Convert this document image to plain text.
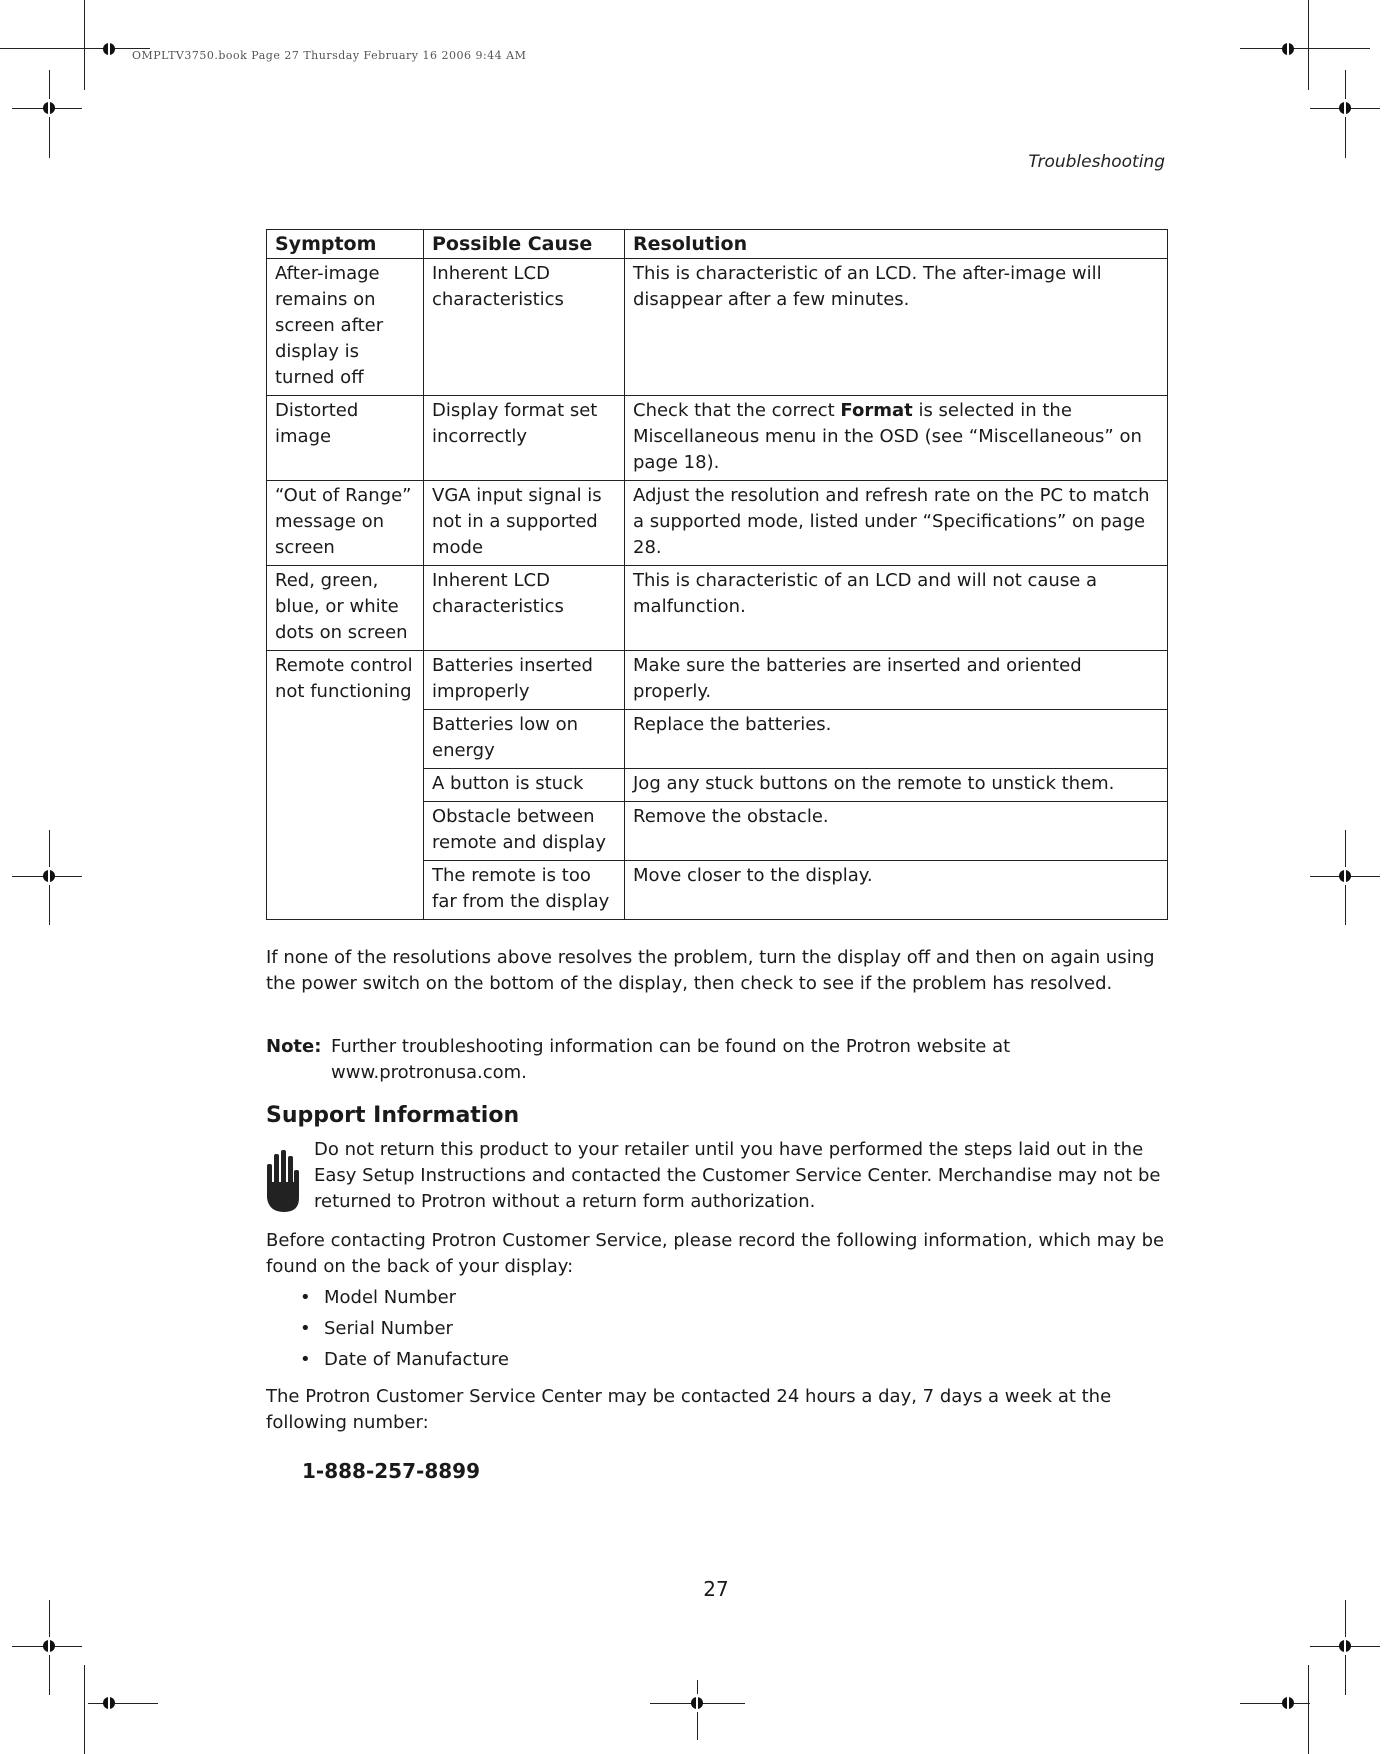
OMPLTV3750.book Page 27 Thursday February 16 2006 9:44 AM
Troubleshooting
Symptom	Possible Cause	Resolution
After-image remains on screen after display is turned off	Inherent LCD characteristics	This is characteristic of an LCD. The after-image will disappear after a few minutes.
Distorted image	Display format set incorrectly	Check that the correct Format is selected in the Miscellaneous menu in the OSD (see “Miscellaneous” on page 18).
“Out of Range” message on screen	VGA input signal is not in a supported mode	Adjust the resolution and refresh rate on the PC to match a supported mode, listed under “Specifications” on page 28.
Red, green, blue, or white dots on screen	Inherent LCD characteristics	This is characteristic of an LCD and will not cause a malfunction.
Remote control not functioning	Batteries inserted improperly	Make sure the batteries are inserted and oriented properly.
	Batteries low on energy	Replace the batteries.
	A button is stuck	Jog any stuck buttons on the remote to unstick them.
	Obstacle between remote and display	Remove the obstacle.
	The remote is too far from the display	Move closer to the display.
If none of the resolutions above resolves the problem, turn the display off and then on again using the power switch on the bottom of the display, then check to see if the problem has resolved.
Note: Further troubleshooting information can be found on the Protron website at www.protronusa.com.
Support Information
Do not return this product to your retailer until you have performed the steps laid out in the Easy Setup Instructions and contacted the Customer Service Center. Merchandise may not be returned to Protron without a return form authorization.
Before contacting Protron Customer Service, please record the following information, which may be found on the back of your display:
• Model Number
• Serial Number
• Date of Manufacture
The Protron Customer Service Center may be contacted 24 hours a day, 7 days a week at the following number:
1-888-257-8899
27
